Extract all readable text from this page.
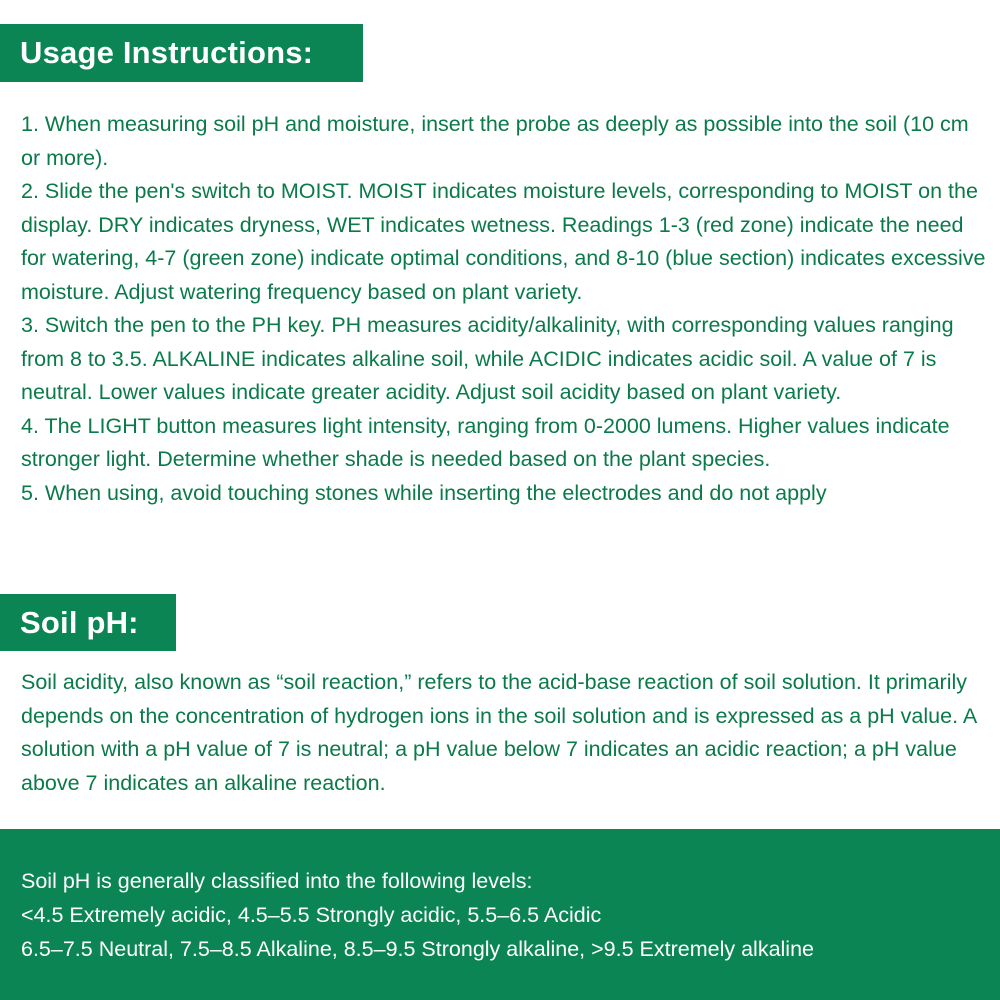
Usage Instructions:

1. When measuring soil pH and moisture, insert the probe as deeply as possible into the soil (10 cm or more).

2. Slide the pen's switch to MOIST. MOIST indicates moisture levels, corresponding to MOIST on the display. DRY indicates dryness, WET indicates wetness. Readings 1-3 (red zone) indicate the need for watering, 4-7 (green zone) indicate optimal conditions, and 8-10 (blue section) indicates excessive moisture. Adjust watering frequency based on plant variety.

3. Switch the pen to the PH key. PH measures acidity/alkalinity, with corresponding values ranging from 8 to 3.5. ALKALINE indicates alkaline soil, while ACIDIC indicates acidic soil. A value of 7 is neutral. Lower values indicate greater acidity. Adjust soil acidity based on plant variety.

4. The LIGHT button measures light intensity, ranging from 0-2000 lumens. Higher values indicate stronger light. Determine whether shade is needed based on the plant species.

5. When using, avoid touching stones while inserting the electrodes and do not apply

Soil pH:

Soil acidity, also known as “soil reaction,” refers to the acid-base reaction of soil solution. It primarily depends on the concentration of hydrogen ions in the soil solution and is expressed as a pH value. A solution with a pH value of 7 is neutral; a pH value below 7 indicates an acidic reaction; a pH value above 7 indicates an alkaline reaction.

Soil pH is generally classified into the following levels:

<4.5 Extremely acidic, 4.5–5.5 Strongly acidic, 5.5–6.5 Acidic

6.5–7.5 Neutral, 7.5–8.5 Alkaline, 8.5–9.5 Strongly alkaline, >9.5 Extremely alkaline
